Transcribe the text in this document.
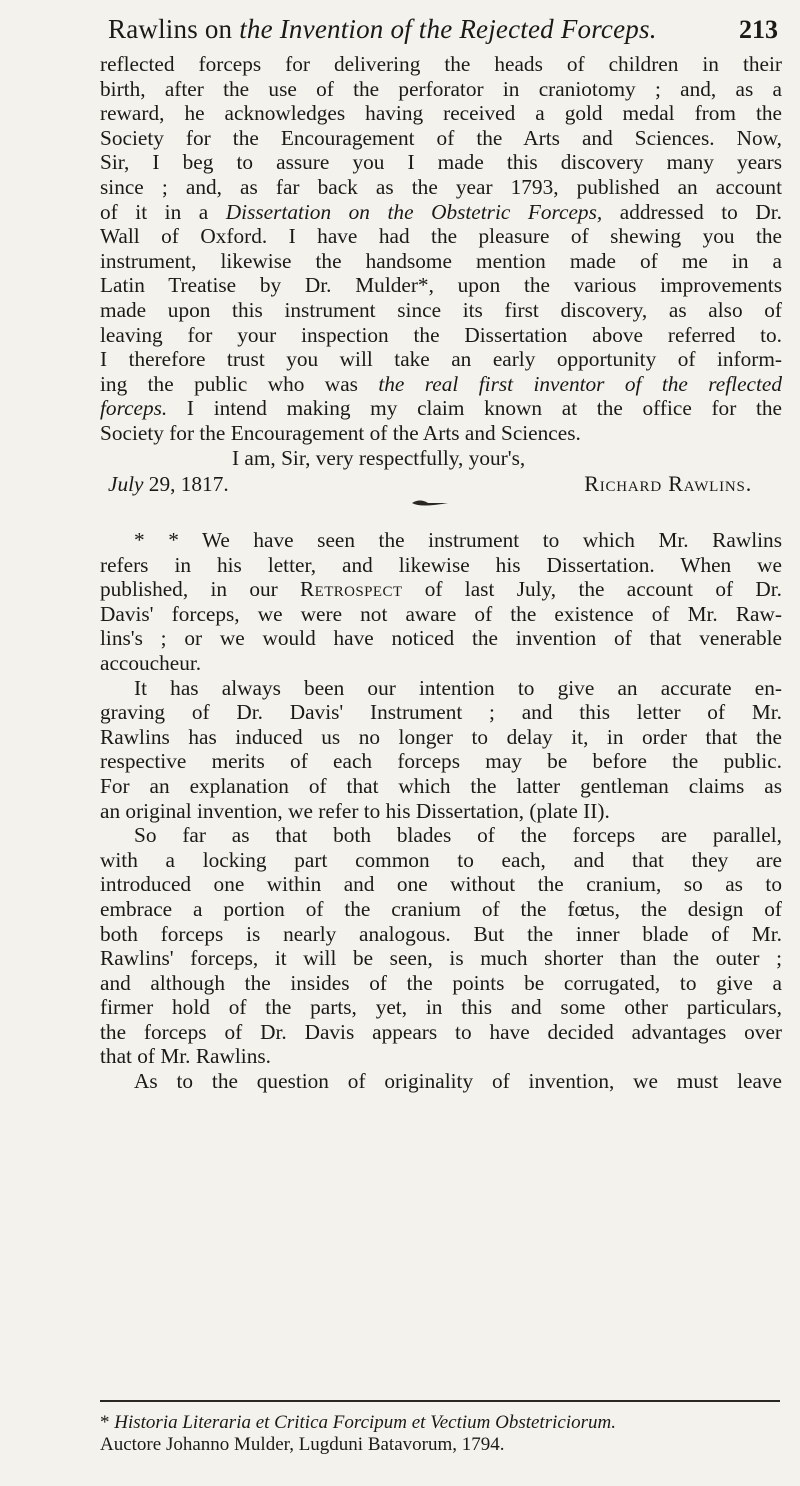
Rawlins on the Invention of the Rejected Forceps.	213
reflected forceps for delivering the heads of children in their
birth, after the use of the perforator in craniotomy ; and, as a
reward, he acknowledges having received a gold medal from the
Society for the Encouragement of the Arts and Sciences. Now,
Sir, I beg to assure you I made this discovery many years
since ; and, as far back as the year 1793, published an account
of it in a Dissertation on the Obstetric Forceps, addressed to Dr.
Wall of Oxford. I have had the pleasure of shewing you the
instrument, likewise the handsome mention made of me in a
Latin Treatise by Dr. Mulder*, upon the various improvements
made upon this instrument since its first discovery, as also of
leaving for your inspection the Dissertation above referred to.
I therefore trust you will take an early opportunity of inform-
ing the public who was the real first inventor of the reflected
forceps. I intend making my claim known at the office for the
Society for the Encouragement of the Arts and Sciences.
I am, Sir, very respectfully, your's,
July 29, 1817.	Richard Rawlins.
* * We have seen the instrument to which Mr. Rawlins
refers in his letter, and likewise his Dissertation. When we
published, in our Retrospect of last July, the account of Dr.
Davis' forceps, we were not aware of the existence of Mr. Raw-
lins's ; or we would have noticed the invention of that venerable
accoucheur.
It has always been our intention to give an accurate en-
graving of Dr. Davis' Instrument ; and this letter of Mr.
Rawlins has induced us no longer to delay it, in order that the
respective merits of each forceps may be before the public.
For an explanation of that which the latter gentleman claims as
an original invention, we refer to his Dissertation, (plate II).
So far as that both blades of the forceps are parallel,
with a locking part common to each, and that they are
introduced one within and one without the cranium, so as to
embrace a portion of the cranium of the fœtus, the design of
both forceps is nearly analogous. But the inner blade of Mr.
Rawlins' forceps, it will be seen, is much shorter than the outer ;
and although the insides of the points be corrugated, to give a
firmer hold of the parts, yet, in this and some other particulars,
the forceps of Dr. Davis appears to have decided advantages over
that of Mr. Rawlins.
As to the question of originality of invention, we must leave
* Historia Literaria et Critica Forcipum et Vectium Obstetriciorum.
Auctore Johanno Mulder, Lugduni Batavorum, 1794.
